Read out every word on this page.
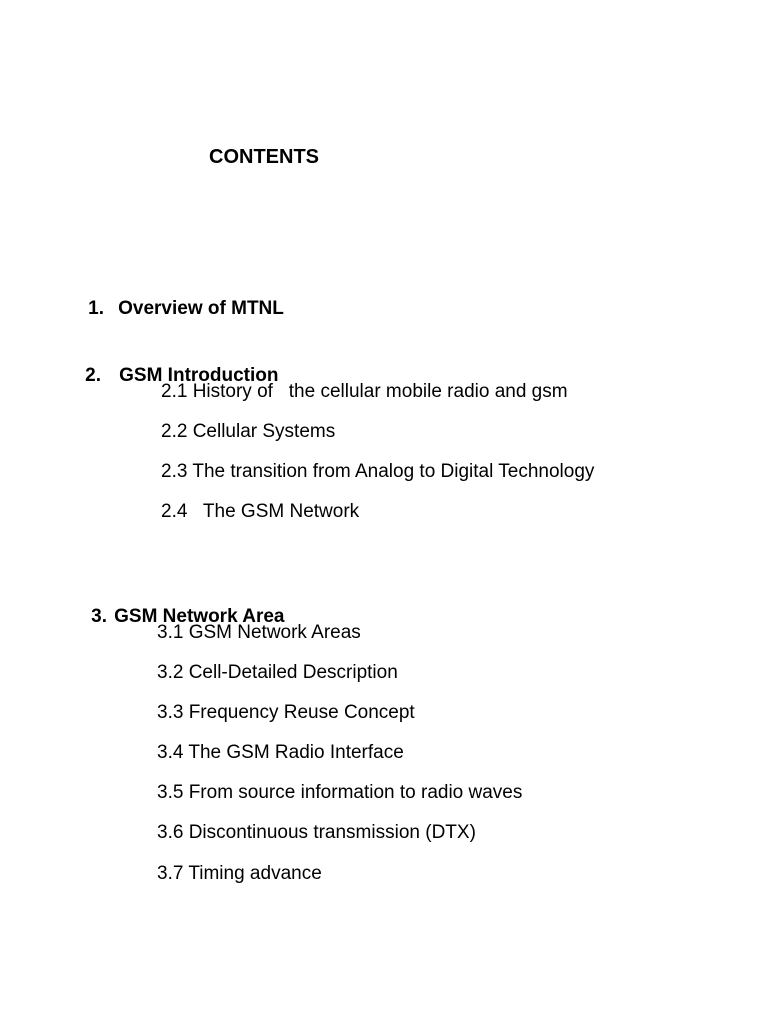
CONTENTS

1. Overview of MTNL

2. GSM Introduction

2.1 History of   the cellular mobile radio and gsm
2.2 Cellular Systems
2.3 The transition from Analog to Digital Technology
2.4   The GSM Network

3. GSM Network Area

3.1 GSM Network Areas
3.2 Cell-Detailed Description
3.3 Frequency Reuse Concept
3.4 The GSM Radio Interface
3.5 From source information to radio waves
3.6 Discontinuous transmission (DTX)
3.7 Timing advance
